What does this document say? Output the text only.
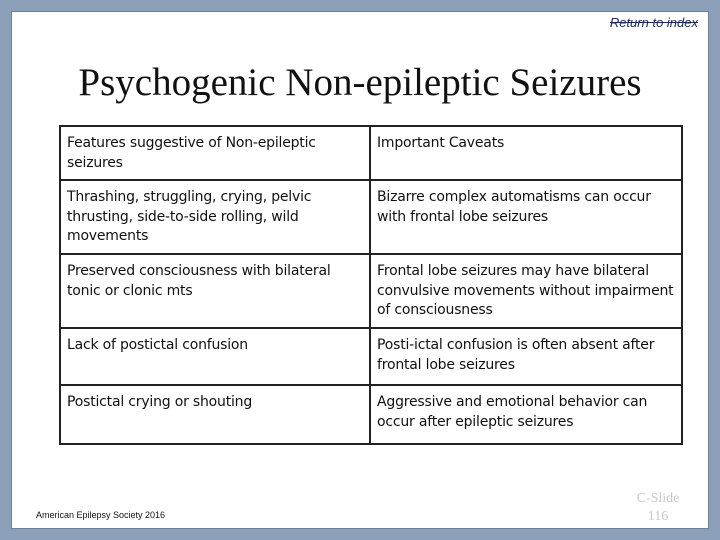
Return to index
Psychogenic Non-epileptic Seizures
Features suggestive of Non-epileptic seizures	Important Caveats
Thrashing, struggling, crying, pelvic thrusting, side-to-side rolling, wild movements	Bizarre complex automatisms can occur with frontal lobe seizures
Preserved consciousness with bilateral tonic or clonic mts	Frontal lobe seizures may have bilateral convulsive movements without impairment of consciousness
Lack of postictal confusion	Posti-ictal confusion is often absent after frontal lobe seizures
Postictal crying or shouting	Aggressive and emotional behavior can occur after epileptic seizures
American Epilepsy Society 2016
C-Slide
116
